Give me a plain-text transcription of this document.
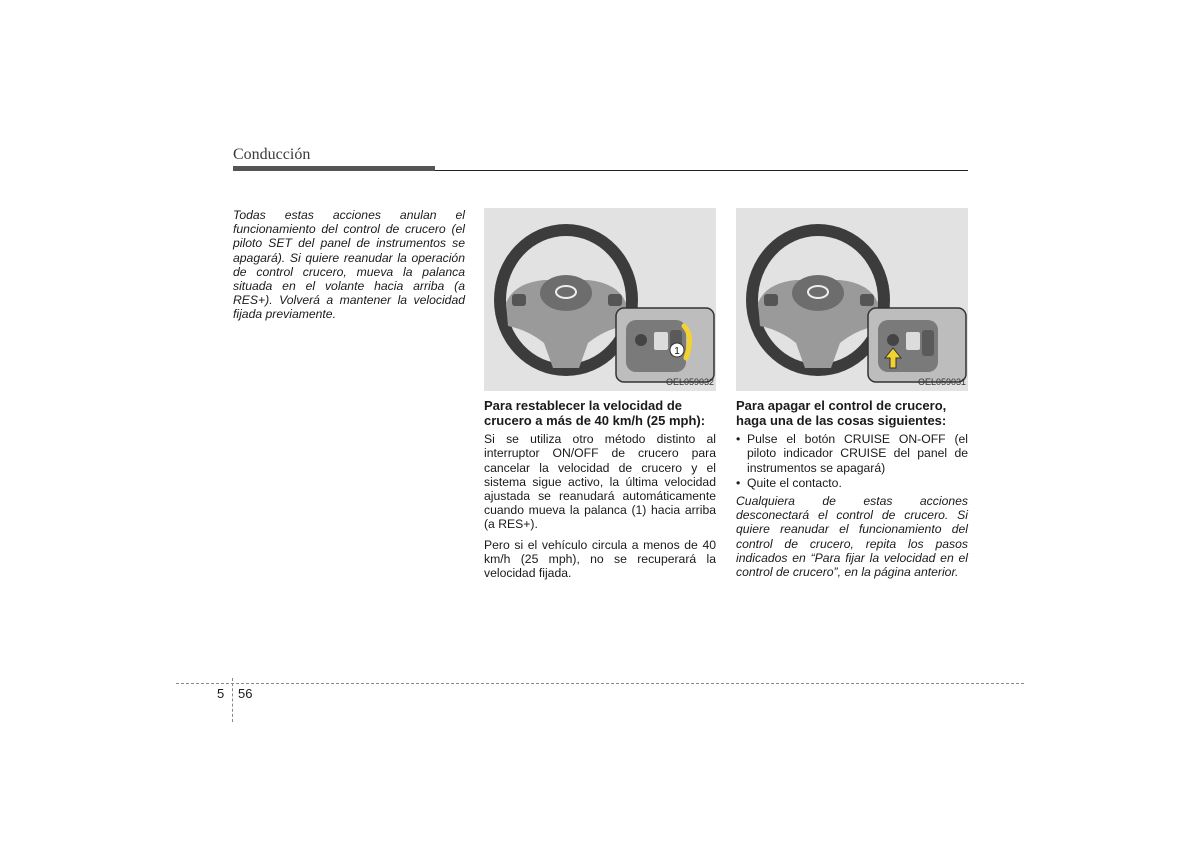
Conducción

Todas estas acciones anulan el funcionamiento del control de crucero (el piloto SET del panel de instrumentos se apagará). Si quiere reanudar la operación de control crucero, mueva la palanca situada en el volante hacia arriba (a RES+). Volverá a mantener la velocidad fijada previamente.

1
OEL059032

Para restablecer la velocidad de crucero a más de 40 km/h (25 mph):

Si se utiliza otro método distinto al interruptor ON/OFF de crucero para cancelar la velocidad de crucero y el sistema sigue activo, la última velocidad ajustada se reanudará automáticamente cuando mueva la palanca (1) hacia arriba (a RES+).

Pero si el vehículo circula a menos de 40 km/h (25 mph), no se recuperará la velocidad fijada.

OEL059031

Para apagar el control de crucero, haga una de las cosas siguientes:

• Pulse el botón CRUISE ON-OFF (el piloto indicador CRUISE del panel de instrumentos se apagará)
• Quite el contacto.

Cualquiera de estas acciones desconectará el control de crucero. Si quiere reanudar el funcionamiento del control de crucero, repita los pasos indicados en “Para fijar la velocidad en el control de crucero”, en la página anterior.

5 56
